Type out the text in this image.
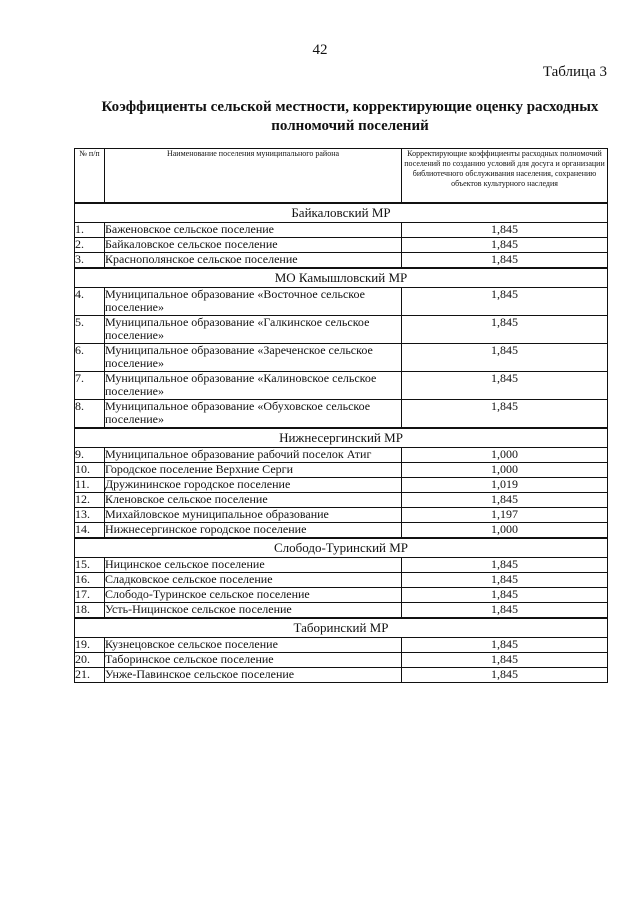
42
Таблица 3
Коэффициенты сельской местности, корректирующие оценку расходных полномочий поселений
№ п/п	Наименование поселения муниципального района	Корректирующие коэффициенты расходных полномочий поселений по созданию условий для досуга и организации библиотечного обслуживания населения, сохранению объектов культурного наследия
Байкаловский МР		
1.	Баженовское сельское поселение	1,845
2.	Байкаловское сельское поселение	1,845
3.	Краснополянское сельское поселение	1,845
МО Камышловский МР		
4.	Муниципальное образование «Восточное сельское поселение»	1,845
5.	Муниципальное образование «Галкинское сельское поселение»	1,845
6.	Муниципальное образование «Зареченское сельское поселение»	1,845
7.	Муниципальное образование «Калиновское сельское поселение»	1,845
8.	Муниципальное образование «Обуховское сельское поселение»	1,845
Нижнесергинский МР		
9.	Муниципальное образование рабочий поселок Атиг	1,000
10.	Городское поселение Верхние Серги	1,000
11.	Дружининское городское поселение	1,019
12.	Кленовское сельское поселение	1,845
13.	Михайловское муниципальное образование	1,197
14.	Нижнесергинское городское поселение	1,000
Слободо-Туринский МР		
15.	Ницинское сельское поселение	1,845
16.	Сладковское сельское поселение	1,845
17.	Слободо-Туринское сельское поселение	1,845
18.	Усть-Ницинское сельское поселение	1,845
Таборинский МР		
19.	Кузнецовское сельское поселение	1,845
20.	Таборинское сельское поселение	1,845
21.	Унже-Павинское сельское поселение	1,845
